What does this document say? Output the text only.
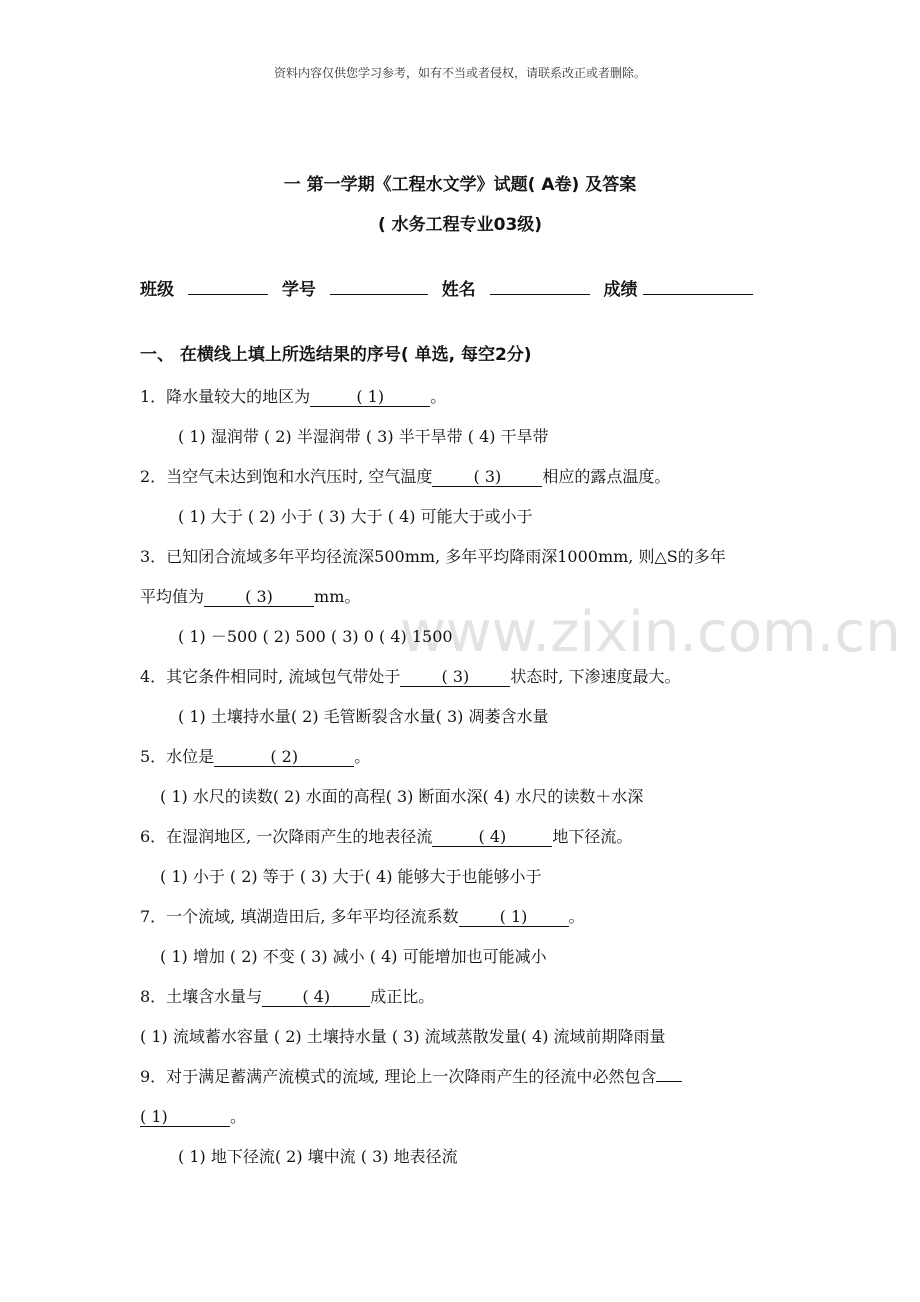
www.zixin.com.cn
资料内容仅供您学习参考，如有不当或者侵权，请联系改正或者删除。
一 第一学期《工程水文学》试题( A卷) 及答案
( 水务工程专业03级)
班级	学号	姓名	成绩
一、 在横线上填上所选结果的序号( 单选, 每空2分)
1．降水量较大的地区为	( 1)	。
( 1) 湿润带 ( 2) 半湿润带 ( 3) 半干旱带 ( 4) 干旱带
2．当空气未达到饱和水汽压时, 空气温度	( 3)	相应的露点温度。
( 1) 大于 ( 2) 小于 ( 3) 大于 ( 4) 可能大于或小于
3．已知闭合流域多年平均径流深500mm, 多年平均降雨深1000mm, 则△S的多年
平均值为	( 3)	mm。
( 1) －500 ( 2) 500 ( 3) 0 ( 4) 1500
4．其它条件相同时, 流域包气带处于	( 3)	状态时, 下渗速度最大。
( 1) 土壤持水量( 2) 毛管断裂含水量( 3) 凋萎含水量
5．水位是	( 2)	。
( 1) 水尺的读数( 2) 水面的高程( 3) 断面水深( 4) 水尺的读数＋水深
6．在湿润地区, 一次降雨产生的地表径流	( 4)	地下径流。
( 1) 小于 ( 2) 等于 ( 3) 大于( 4) 能够大于也能够小于
7．一个流域, 填湖造田后, 多年平均径流系数	( 1)	。
( 1) 增加 ( 2) 不变 ( 3) 减小 ( 4) 可能增加也可能减小
8．土壤含水量与	( 4)	成正比。
( 1) 流域蓄水容量 ( 2) 土壤持水量 ( 3) 流域蒸散发量( 4) 流域前期降雨量
9．对于满足蓄满产流模式的流域, 理论上一次降雨产生的径流中必然包含
( 1)	。
( 1) 地下径流( 2) 壤中流 ( 3) 地表径流
